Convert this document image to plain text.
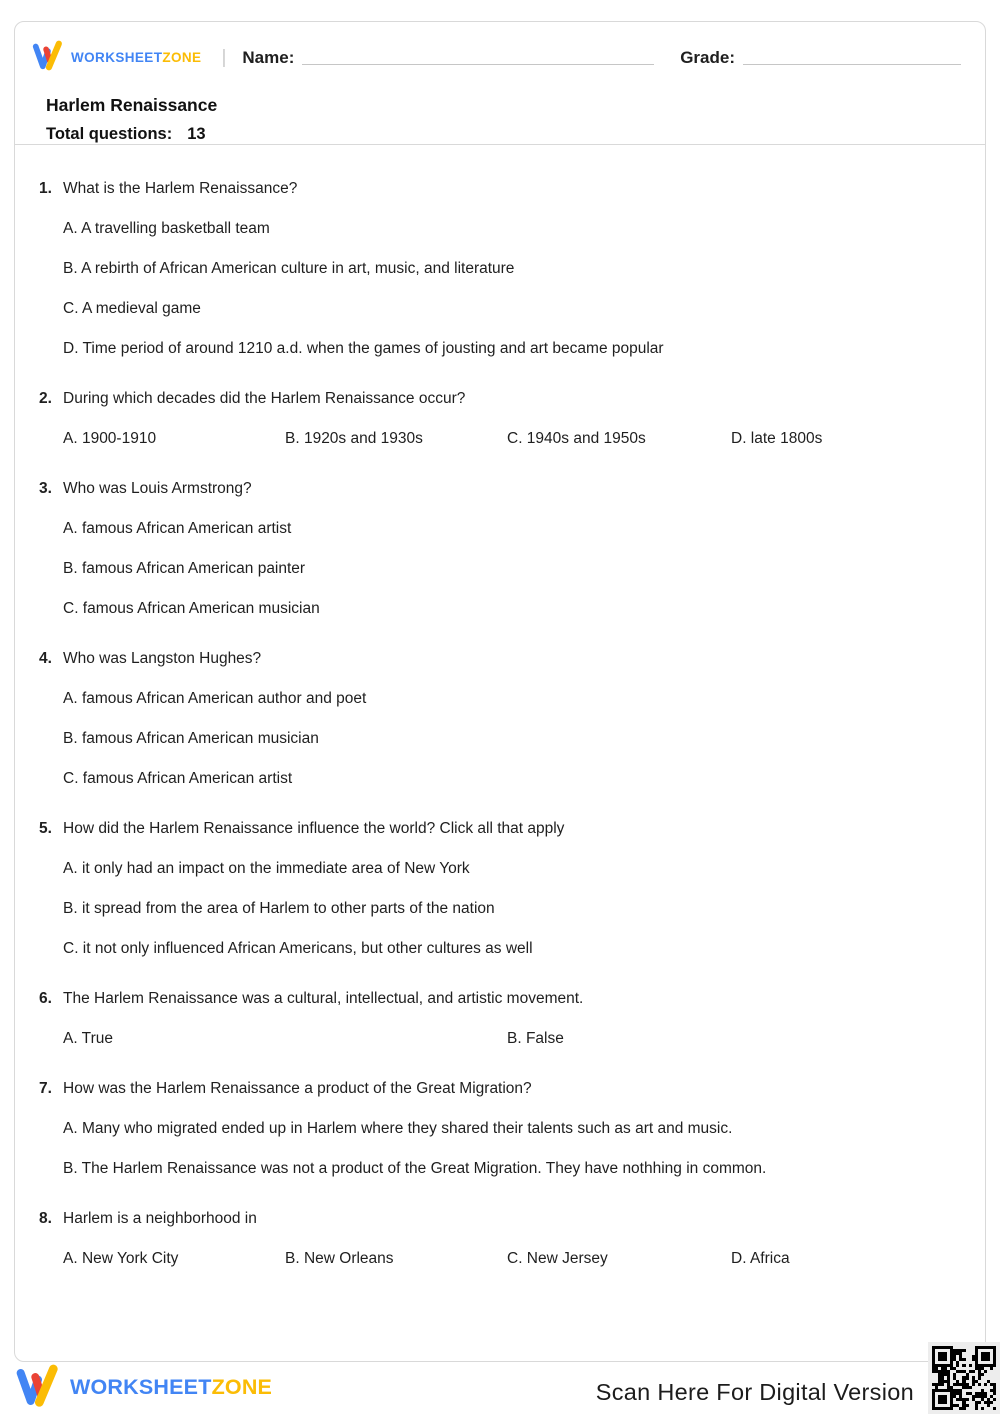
WORKSHEETZONE | Name:	Grade:
Harlem Renaissance
Total questions: 13
1. What is the Harlem Renaissance?
A. A travelling basketball team
B. A rebirth of African American culture in art, music, and literature
C. A medieval game
D. Time period of around 1210 a.d. when the games of jousting and art became popular
2. During which decades did the Harlem Renaissance occur?
A. 1900-1910	B. 1920s and 1930s	C. 1940s and 1950s	D. late 1800s
3. Who was Louis Armstrong?
A. famous African American artist
B. famous African American painter
C. famous African American musician
4. Who was Langston Hughes?
A. famous African American author and poet
B. famous African American musician
C. famous African American artist
5. How did the Harlem Renaissance influence the world? Click all that apply
A. it only had an impact on the immediate area of New York
B. it spread from the area of Harlem to other parts of the nation
C. it not only influenced African Americans, but other cultures as well
6. The Harlem Renaissance was a cultural, intellectual, and artistic movement.
A. True	B. False
7. How was the Harlem Renaissance a product of the Great Migration?
A. Many who migrated ended up in Harlem where they shared their talents such as art and music.
B. The Harlem Renaissance was not a product of the Great Migration. They have nothhing in common.
8. Harlem is a neighborhood in
A. New York City	B. New Orleans	C. New Jersey	D. Africa
WORKSHEETZONE	Scan Here For Digital Version
